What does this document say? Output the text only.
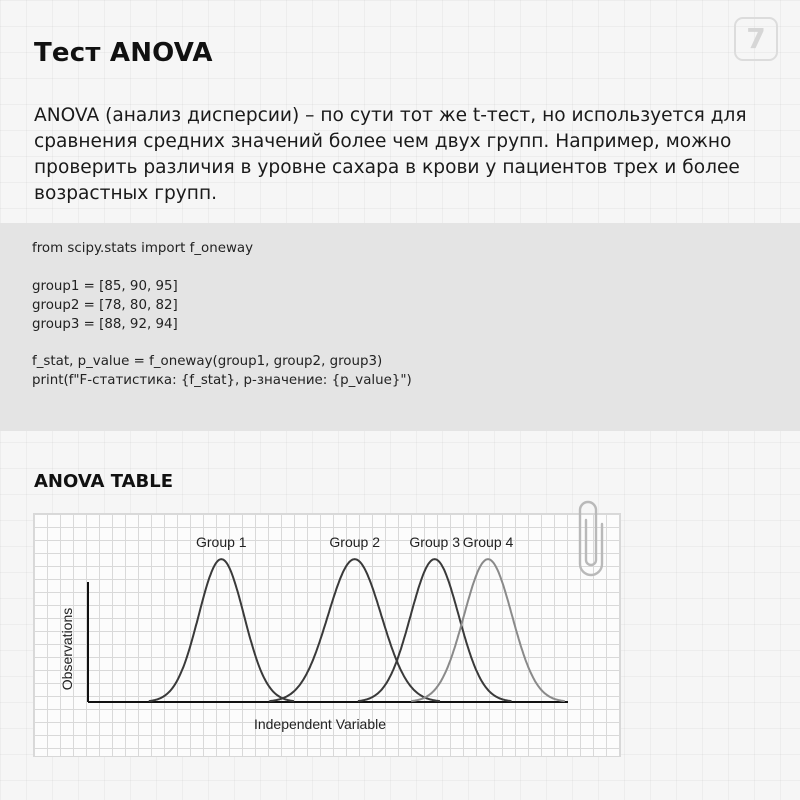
Тест ANOVA	7

ANOVA (анализ дисперсии) – по сути тот же t-тест, но используется для сравнения средних значений более чем двух групп. Например, можно проверить различия в уровне сахара в крови у пациентов трех и более возрастных групп.

from scipy.stats import f_oneway
group1 = [85, 90, 95]
group2 = [78, 80, 82]
group3 = [88, 92, 94]
f_stat, p_value = f_oneway(group1, group2, group3)
print(f"F-статистика: {f_stat}, p-значение: {p_value}")
ANOVA TABLE
Group 1	Group 2 Group 3 Group 4
Independent Variable
Observations
